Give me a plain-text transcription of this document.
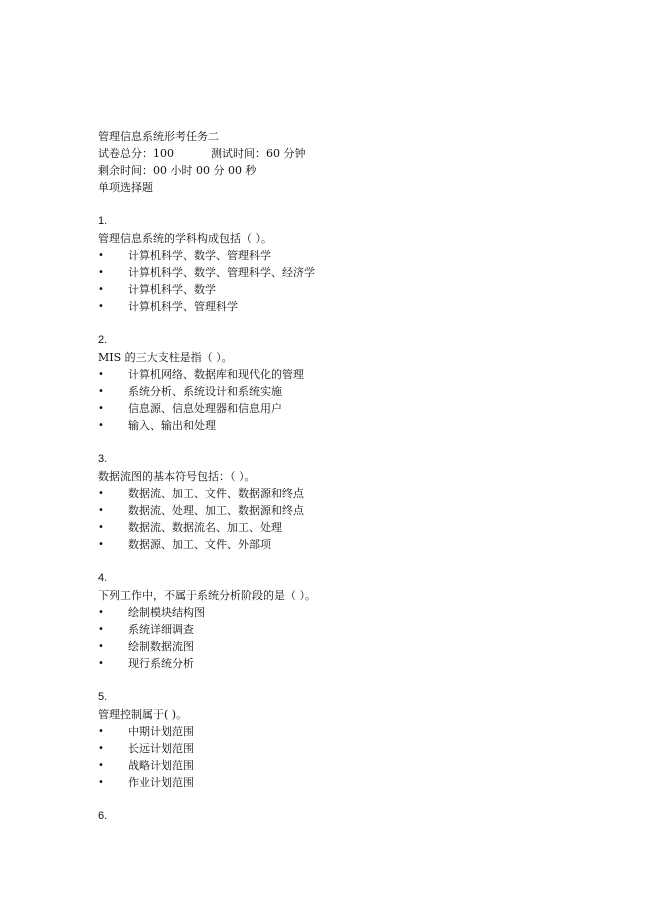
管理信息系统形考任务二
试卷总分：100	测试时间：60 分钟
剩余时间：00 小时 00 分 00 秒
单项选择题
1.
管理信息系统的学科构成包括（ ）。
•	计算机科学、数学、管理科学
•	计算机科学、数学、管理科学、经济学
•	计算机科学、数学
•	计算机科学、管理科学
2.
MIS 的三大支柱是指（ ）。
•	计算机网络、数据库和现代化的管理
•	系统分析、系统设计和系统实施
•	信息源、信息处理器和信息用户
•	输入、输出和处理
3.
数据流图的基本符号包括：（ ）。
•	数据流、加工、文件、数据源和终点
•	数据流、处理、加工、数据源和终点
•	数据流、数据流名、加工、处理
•	数据源、加工、文件、外部项
4.
下列工作中，不属于系统分析阶段的是（ ）。
•	绘制模块结构图
•	系统详细调查
•	绘制数据流图
•	现行系统分析
5.
管理控制属于( )。
•	中期计划范围
•	长远计划范围
•	战略计划范围
•	作业计划范围
6.
